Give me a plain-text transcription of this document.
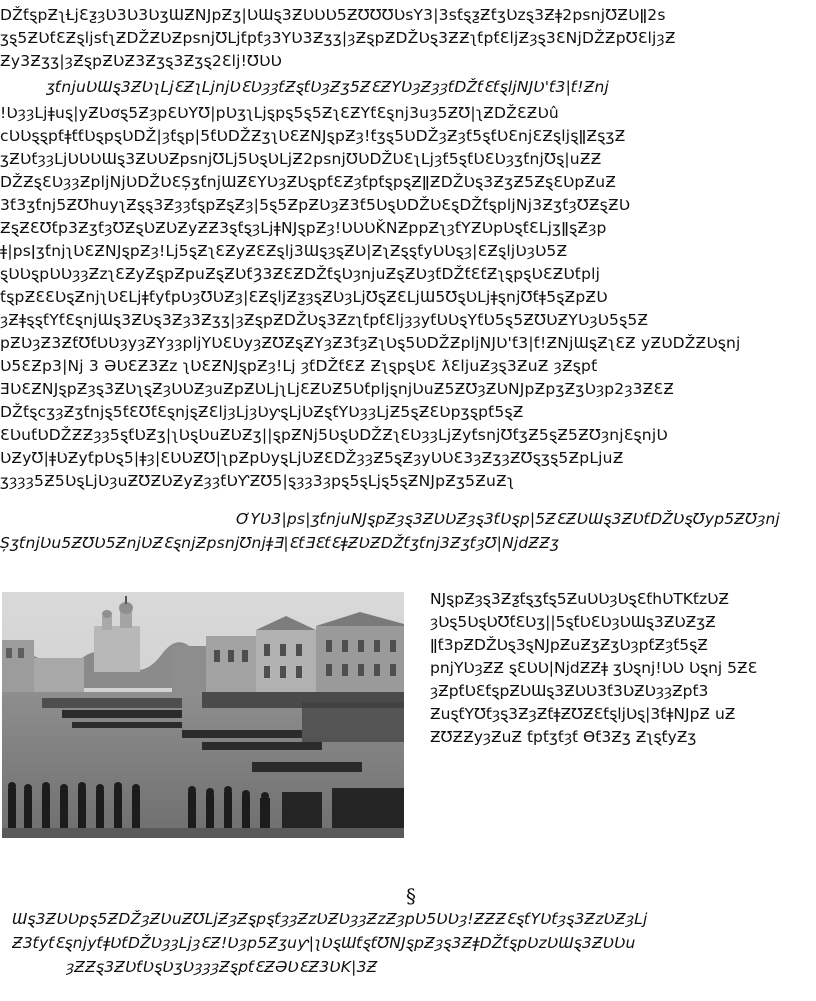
DŽƭȿpƵʅȽjƐƺȝƲ3Ʋ3ƲʒƜƵNJpƵʒ|ƲƜȿ3ƵƲƲƲ5ƵƱƱƱƲsY3|3sƭȿƺƵƭʒƲzȿ3Ƶǂ2psnjƱƵƲǁ2s
ʒȿ5ƵƲƭƐƵȿljsƭʅƵDŽƵƲƵpsnjƱLjƭpƭȝ3YƲ3Ƶʒʒ|ȝƵȿpƵDŽƲȿ3ƵƵʅƭpƭƐljƵȝȿ3ƐNjDŽƵpƱƐljȝƵ
Ƶy3Ƶʒʒ|ȝƵȿpƵƲƵ3Ƶʒȿ3Ƶʒȿ2Ɛlj!ƱƲƲ
ʒƭnjuƲƜȿ3ƵƲʅLjƐƵʅLjnjƲƐƲȝȝƭƵȿƭƲȝƵʒ5ƵƐƵYƲȝƵȝȝƭDŽƭƐƭȿljNJƲ'ƭ3|ƭ!Ƶnj
!ƲȝȝLjǂuȿ|yƵƲơȿ5ƵȝpƐƲYƱ|pƲʒʅLjȿpȿ5ȿ5ƵʅƐƵYƭƐȿnj3uȝ5ƵƱ|ʅƵDŽƐƵƲû
cƲƲȿȿpƭǂƭƭƲȿpȿƲDŽ|ȝƭȿp|5ƭƲDŽƵʒʅƲƐƵNJȿpƵȝ!ƭʒȿ5ƲDŽȝƵȝƭ5ȿƭƲƐnjƐƵȿljȿǁƵȿʒƵ
ʒƵƲƭȝȝLjƲƲƲƜȿ3ƵƲƲƵpsnjƱLj5ƲȿƲLjƵ2psnjƱƲDŽƲƐʅLjȝƭ5ȿƭƲƐƲȝʒƭnjƱȿ|uƵƵ
DŽƵȿƐƲȝȝƵpljNjƲDŽƲƐȘʒƭnjƜƵƐYƲȝƵƲȿpƭƐƵȝƭpƭȿpȿƵǁƵDŽƲȿ3ƵʒƵ5ƵȿƐƲpƵuƵ
3ƭ3ʒƭnj5ƵƱhuyʅƵȿȿ3ƵȝȝƭȿpƵȿƵȝ|5ȿ5ƵpƵƲȝƵ3ƭ5ƲȿƲDŽƲƐȿDŽƭȿpljNj3ƵʒƭȝƱƵȿƵƲ
ƵȿƵƐƱƭp3ƵʒƭȝƱƵȿƲƵƲƵyƵƵ3ȿƭȿȝLjǂNJȿpƵȝ!ƲƲƲǨNƵppƵʅȝƭYƵƲpƲȿƭƐLjʒǁȿƵȝp
ǂ|psǀʒƭnjʅƲƐƵNJȿpƵȝ!Lj5ȿƵʅƐƵyƵƐƵȿlj3ƜȿȝȿƵƲ|ƵʅƵȿȿƭyƲƲȿȝ|ƐƵȿljƲȝƲ5Ƶ
ȿƲƲȿpƲƲȝȝƵzʅƐƵyƵȿpƵpuƵȿƵƲƭȜ3ƵƐƵDŽƭȿƲȝnjuƵȿƵƲȝƭDŽƭƐƭƵʅȿpȿƲƐƵƲƭplj
ƭȿpƵƐƐƲȿƵnjʅƲƐLjǂƭyƭpƲȝƱƲƵȝ|ƐƵȿljƵƺȝȿƵƲȝLjƱȿƵƐLjƜ5ƱȿƲLjǂȿnjƱƭǂ5ȿƵpƵƲ
ȝƵǂȿȿƭYƭƐȿnjƜȿ3ƵƲȿ3Ƶȝ3Ƶʒʒ|ȝƵȿpƵDŽƲȿ3ƵzʅƭpƭƐljȝȝyƭƲƲȿYƭƲ5ȿ5ƵƱƲƵYƲȝƲ5ȿ5Ƶ
pƵƲȝƵ3ƵƭƱƭƲƲȝyȝƵYȝȝpljYƲƐƲyȝƵƱƵȿƵYȝƵ3ƭȝƵʅƲȿ5ƲDŽƵpljNJƲ'ƭ3|ƭ!ƵNjƜȿƵʅƐƵ yƵƲDŽƵƲȿnj
Ʋ5ƐƵp3|Nj 3 ƏƲƐƵ3Ƶz ʅƲƐƵNJȿpƵȝ!Lj ȝƭDŽƭƐƵ ƵʅȿpȿƲƐ ƛƐljuƵȝȿ3ƵuƵ ȝƵȿpƭ
ƎƲƐƵNJȿpƵȝȿ3ƵƲʅȿƵȝƲƲƵȝuƵpƵƲLjʅLjƐƵƲƵ5ƲƭpljȿnjƲuƵ5ƵƱȝƵƲNJpƵpʒƵʒƲȝp2ȝ3ƵƐƵ
DŽƭȿcʒȝƵʒƭnjȿ5ƭƐƱƭƐȿnjȿƵƐljȝLjȝƲƴȿLjƲƵȿƭYƲȝȝLjƵ5ȿƵƐƲpʒȿpƭ5ȿƵ
ƐƲuƭƲDŽƵƵȝȝ5ȿƭƲƵʒ|ʅƲȿƲuƵƲƵʒ||ȿpƵNj5ƲȿƲDŽƵʅƐƲȝȝLjƵyƭsnjƱƭʒƵ5ȿƵ5ƵƱȝnjƐȿnjƲ
ƲƵyƱ|ǂƲƵyƭpƲȿ5|ǂȝ|ƐƲƲƵƱ|ʅpƵpƲyȿLjƲƵƐDŽȝȝƵ5ȿƵȝyƲƲƐ3ȝƵʒȝƵƱȿʒȿ5ƵpLjuƵ
ʒȝȝȝ5Ƶ5ƲȿLjƲȝuƵƱƵƲƵyƵȝȝƭƲƳƵƱ5|ȿȝȝ3ȝpȿ5ȿLjȿ5ȿƵNJpƵʒ5ƵuƵʅ
ƠYƲ3|ps|ʒƭnjuNJȿpƵȝȿ3ƵƲƲƵȝȿ3ƭƲȿp|5ƵƐƵƲƜȿ3ƵƲƭDŽƲȿƱyp5ƵƱȝnj
ȘʒƭnjƲu5ƵƱƲ5ƵnjƲƵƐȿnjƵpsnjƱnjǂƎ|ƐƭƎƐƭƐǂƵƲƵDŽƭʒƭnj3ƵʒƭȝƱ|NjdƵƵʒ
NJȿpƵȝȿ3Ƶƺƭȿʒƭȿ5ƵuƲƲȝƲȿƐƭhƲTKƭzƲƵ
ȝƲȿ5ƲȿƲƱƭƐƲʒ||5ȿƭƲƐƲȝƲƜȿ3ƵƲƵʒƵ
ǁƭ3pƵDŽƲȿ3ȿNJpƵuƵʒƵʒƲȝpƭƵȝƭ5ȿƵ
pnjYƲȝƵƵ ȿƐƲƲ|NjdƵƵǂ ʒƲȿnj!ƲƲ Ʋȿnj 5ƵƐ
ȝƵpƭƲƐƭȿpƵƲƜȿ3ƵƲƲ3ƭ3ƲƵƲȝȝƵpƭ3
ƵuȿƭYƱƭȝȿ3ƵȝƵƭǂƵƱƵƐƭȿljƲȿ|3ƭǂNJpƵ uƵ
ƵƱƵƵyȝƵuƵ ƭpƭʒƭȝƭ Ɵƭ3Ƶʒ ƵʅȿƭyƵʒ
§
Ɯȿ3ƵƲƲpȿ5ƵDŽȝƵƲuƵƱLjƵȝƵȿpȿƭȝȝƵzƲƵƲȝȝƵzƵȝpƲ5ƲƲȝ!ƵƵƵƐȿƭYƲƭȝȿ3ƵzƲƵȝLj
Ƶ3ƭyƭƐȿnjyƭǂƲƭDŽƲȝȝLjȝƐƵ!Ʋȝp5Ƶʒuƴ|ʅƲȿƜƭȿƭƱNJȿpƵȝȿ3ƵǂDŽƭȿpƲzƲƜȿ3ƵƲƲu
ȝƵƵȿ3ƵƲƭƲȿƲʒƲȝȝȝƵȿpƭƐƵƏƲƐƵ3ƲK|3Ƶ
